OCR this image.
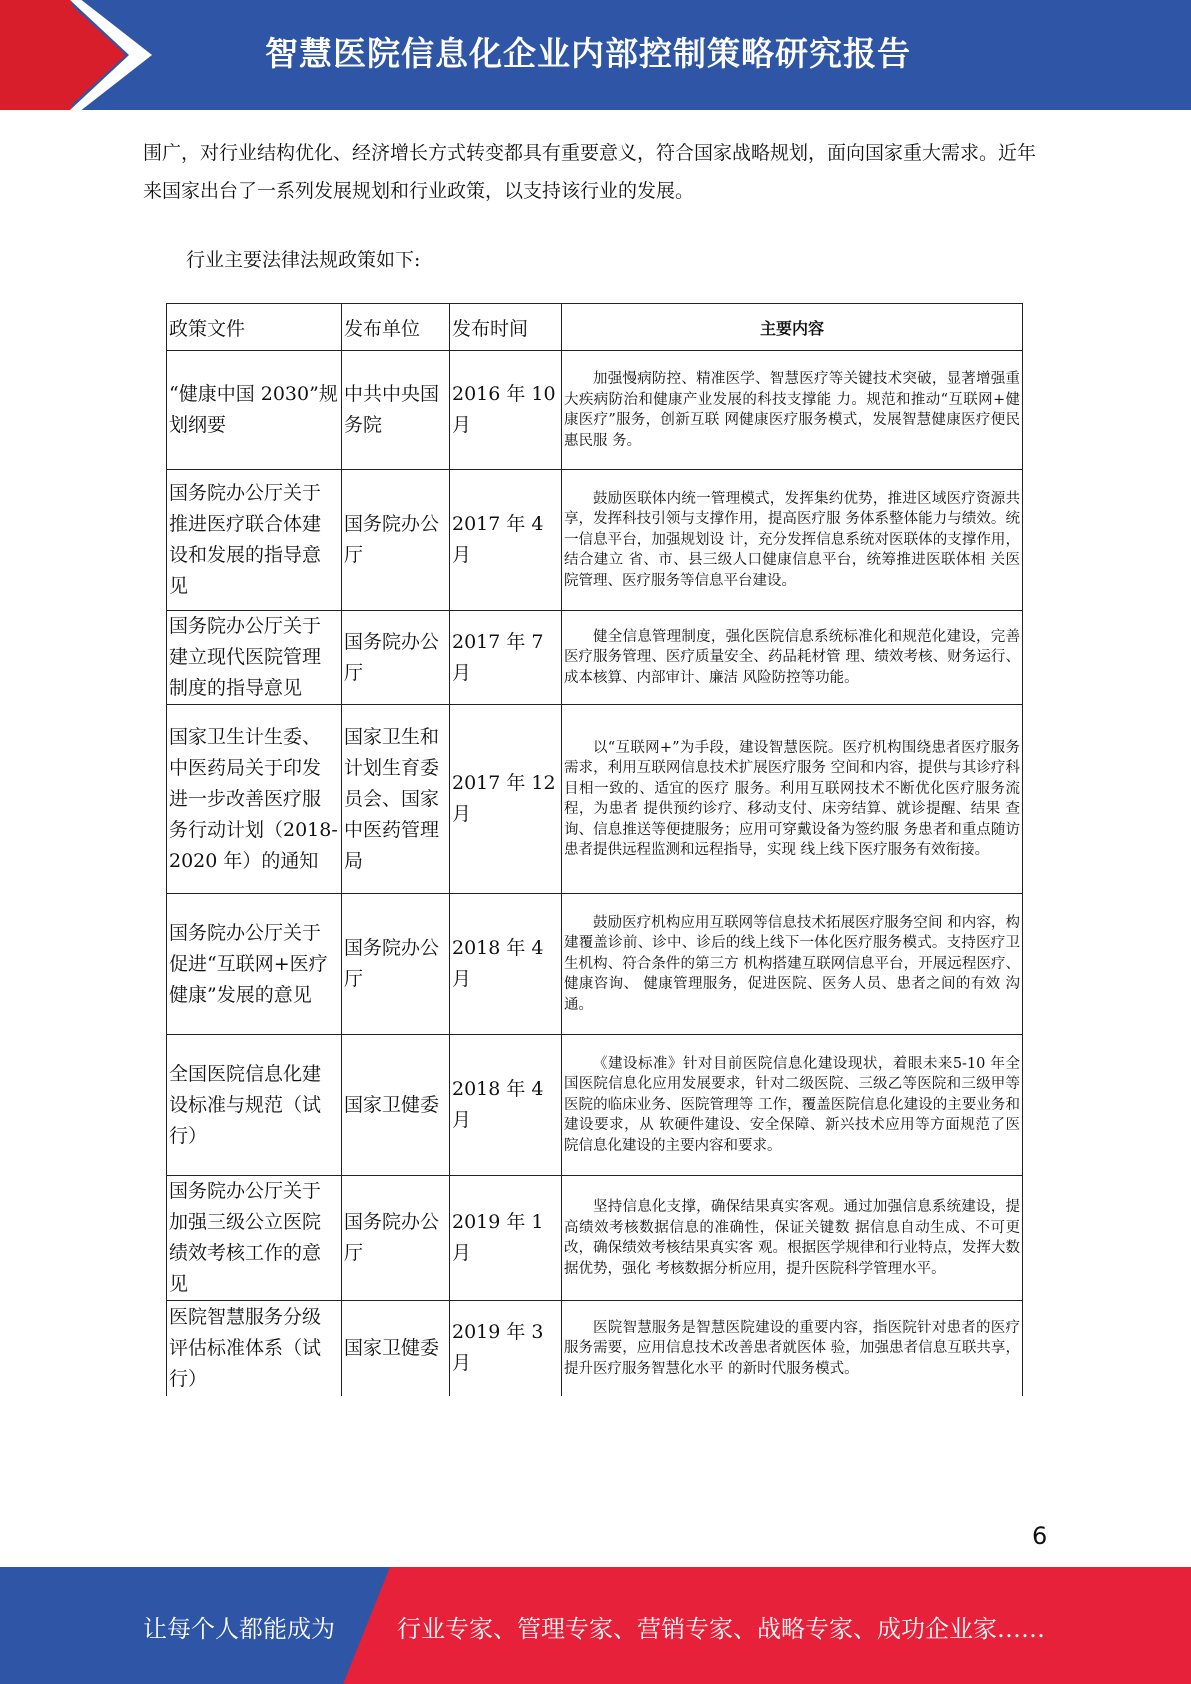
智慧医院信息化企业内部控制策略研究报告

围广，对行业结构优化、经济增长方式转变都具有重要意义，符合国家战略规划，面向国家重大需求。近年来国家出台了一系列发展规划和行业政策，以支持该行业的发展。

行业主要法律法规政策如下:

政策文件	发布单位	发布时间	主要内容
“健康中国 2030”规划纲要	中共中央国务院	2016 年 10 月	加强慢病防控、精准医学、智慧医疗等关键技术突破，显著增强重大疾病防治和健康产业发展的科技支撑能 力。规范和推动“互联网+健康医疗”服务，创新互联 网健康医疗服务模式，发展智慧健康医疗便民惠民服 务。

国务院办公厅关于推进医疗联合体建设和发展的指导意见	国务院办公厅	2017 年 4 月	鼓励医联体内统一管理模式，发挥集约优势，推进区域医疗资源共享，发挥科技引领与支撑作用，提高医疗服 务体系整体能力与绩效。统一信息平台，加强规划设 计，充分发挥信息系统对医联体的支撑作用，结合建立 省、市、县三级人口健康信息平台，统筹推进医联体相 关医院管理、医疗服务等信息平台建设。

国务院办公厅关于建立现代医院管理制度的指导意见	国务院办公厅	2017 年 7 月	健全信息管理制度，强化医院信息系统标准化和规范化建设，完善医疗服务管理、医疗质量安全、药品耗材管 理、绩效考核、财务运行、成本核算、内部审计、廉洁 风险防控等功能。

国家卫生计生委、中医药局关于印发进一步改善医疗服务行动计划（2018-2020 年）的通知	国家卫生和计划生育委员会、国家中医药管理局	2017 年 12 月	以“互联网+”为手段，建设智慧医院。医疗机构围绕患者医疗服务需求，利用互联网信息技术扩展医疗服务 空间和内容，提供与其诊疗科目相一致的、适宜的医疗 服务。利用互联网技术不断优化医疗服务流程，为患者 提供预约诊疗、移动支付、床旁结算、就诊提醒、结果 查询、信息推送等便捷服务；应用可穿戴设备为签约服 务患者和重点随访患者提供远程监测和远程指导，实现 线上线下医疗服务有效衔接。

国务院办公厅关于促进“互联网+医疗健康”发展的意见	国务院办公厅	2018 年 4 月	鼓励医疗机构应用互联网等信息技术拓展医疗服务空间 和内容，构建覆盖诊前、诊中、诊后的线上线下一体化医疗服务模式。支持医疗卫生机构、符合条件的第三方 机构搭建互联网信息平台，开展远程医疗、健康咨询、 健康管理服务，促进医院、医务人员、患者之间的有效 沟通。

全国医院信息化建设标准与规范（试行）	国家卫健委	2018 年 4 月	《建设标准》针对目前医院信息化建设现状，着眼未来5-10 年全国医院信息化应用发展要求，针对二级医院、三级乙等医院和三级甲等医院的临床业务、医院管理等 工作，覆盖医院信息化建设的主要业务和建设要求，从 软硬件建设、安全保障、新兴技术应用等方面规范了医 院信息化建设的主要内容和要求。

国务院办公厅关于加强三级公立医院绩效考核工作的意见	国务院办公厅	2019 年 1 月	坚持信息化支撑，确保结果真实客观。通过加强信息系统建设，提高绩效考核数据信息的准确性，保证关键数 据信息自动生成、不可更改，确保绩效考核结果真实客 观。根据医学规律和行业特点，发挥大数据优势，强化 考核数据分析应用，提升医院科学管理水平。

医院智慧服务分级评估标准体系（试行）	国家卫健委	2019 年 3 月	医院智慧服务是智慧医院建设的重要内容，指医院针对患者的医疗服务需要，应用信息技术改善患者就医体 验，加强患者信息互联共享，提升医疗服务智慧化水平 的新时代服务模式。
6
让每个人都能成为	行业专家、管理专家、营销专家、战略专家、成功企业家……
